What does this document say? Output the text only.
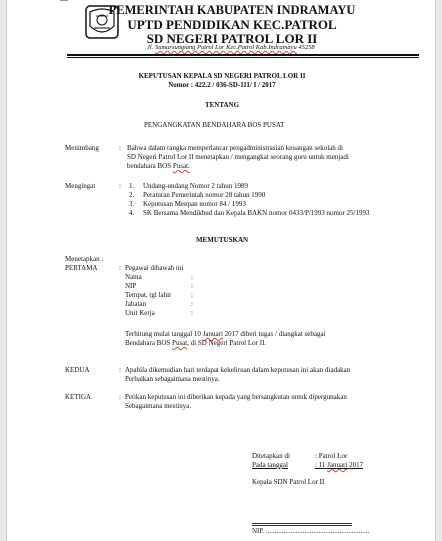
PEMERINTAH KABUPATEN INDRAMAYU
UPTD PENDIDIKAN KEC.PATROL
SD NEGERI PATROL LOR II
Jl. Sumursumpang Patrol Lor Kec.Patrol Kab.Indramayu 45258
KEPUTUSAN KEPALA SD NEGERI PATROL LOR II
Nomor : 422.2 / 036-SD-111/ I / 2017
TENTANG
PENGANGKATAN BENDAHARA BOS PUSAT
Menimbang	: Bahwa dalam rangka memperlancar pengadministrasian keuangan sekolah di
SD Negeri Patrol Lor II menetapkan / mengangkat seorang guru untuk menjadi
bendahara BOS Pusat.
Mengingat	: 1. Undang-undang Nomor 2 tahun 1989
2. Peraturan Pemerintah nomor 28 tahun 1990
3. Keputusan Menpan nomor 84 / 1993
4. SK Bersama Mendikbud dan Kepala BAKN nomor 0433/P/1993 nomor 25/1993
MEMUTUSKAN
Menetapkan :
PERTAMA	: Pegawai dibawah ini
Nama	:
NIP	:
Tempat, tgl lahir	:
Jabatan	:
Unit Kerja	:
Terhitung mulai tanggal 10 Januari 2017 diberi tugas / diangkat sebagai
Bendahara BOS Pusat, di SD Negeri Patrol Lor II.
KEDUA	: Apabila dikemudian hari terdapat kekeliruan dalam keputusan ini akan diadakan
Perbaikan sebagaimana mestinya.
KETIGA	: Petikan keputusan ini diberikan kepada yang bersangkutan untuk dipergunakan
Sebagaimana mestinya.
Ditetapkan di	: Patrol Lor
Pada tanggal	: 11 Januari 2017
Kepala SDN Patrol Lor II
NIP. ...........................................................
